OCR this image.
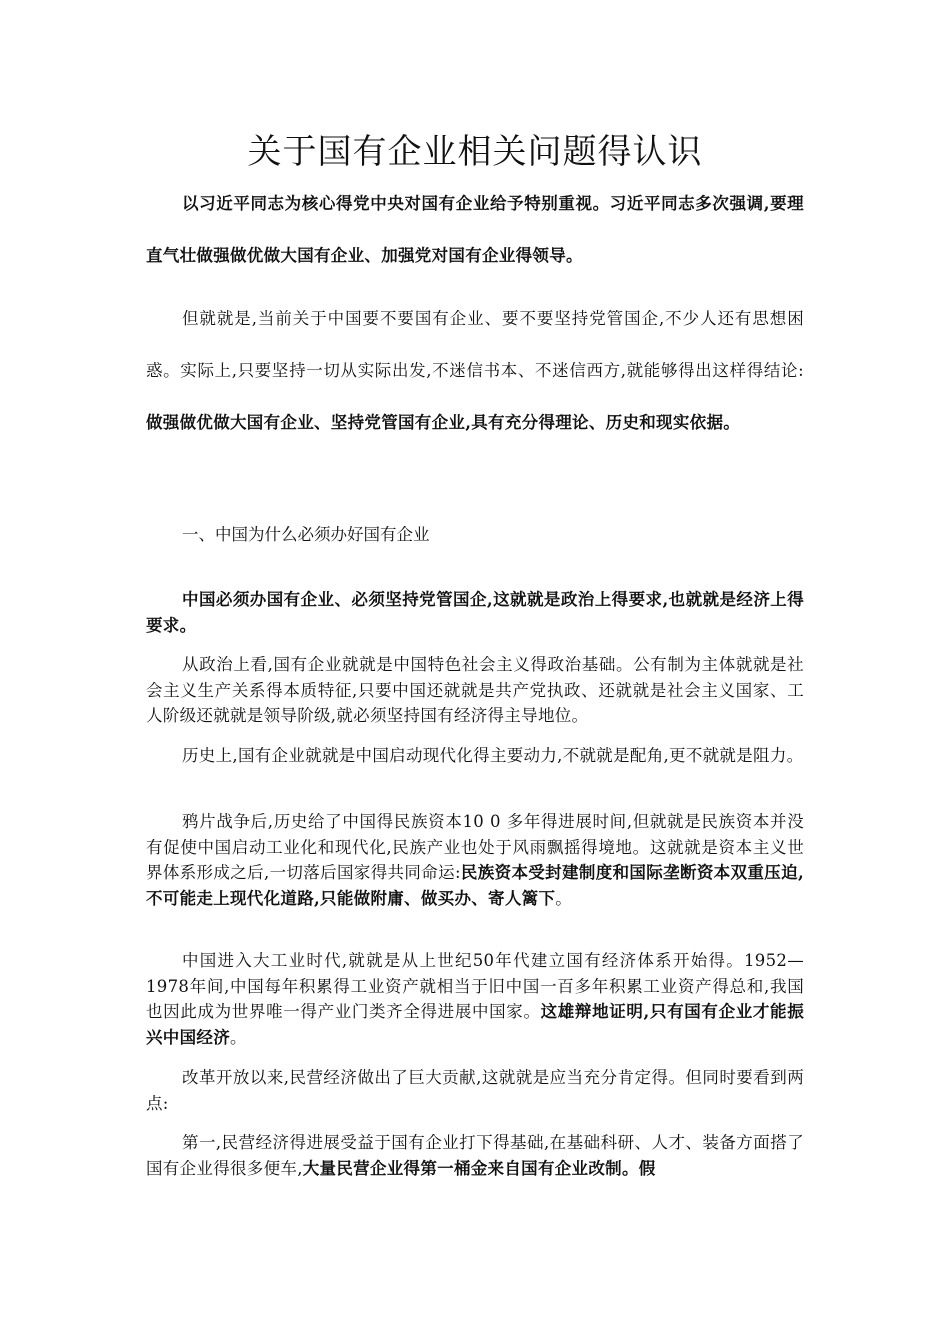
关于国有企业相关问题得认识
以习近平同志为核心得党中央对国有企业给予特别重视。习近平同志多次强调,要理直气壮做强做优做大国有企业、加强党对国有企业得领导。
但就就是,当前关于中国要不要国有企业、要不要坚持党管国企,不少人还有思想困惑。实际上,只要坚持一切从实际出发,不迷信书本、不迷信西方,就能够得出这样得结论:做强做优做大国有企业、坚持党管国有企业,具有充分得理论、历史和现实依据。
一、中国为什么必须办好国有企业
中国必须办国有企业、必须坚持党管国企,这就就是政治上得要求,也就就是经济上得要求。
从政治上看,国有企业就就是中国特色社会主义得政治基础。公有制为主体就就是社会主义生产关系得本质特征,只要中国还就就是共产党执政、还就就是社会主义国家、工人阶级还就就是领导阶级,就必须坚持国有经济得主导地位。
历史上,国有企业就就是中国启动现代化得主要动力,不就就是配角,更不就就是阻力。
鸦片战争后,历史给了中国得民族资本10 0 多年得进展时间,但就就是民族资本并没有促使中国启动工业化和现代化,民族产业也处于风雨飘摇得境地。这就就是资本主义世界体系形成之后,一切落后国家得共同命运:民族资本受封建制度和国际垄断资本双重压迫,不可能走上现代化道路,只能做附庸、做买办、寄人篱下。
中国进入大工业时代,就就是从上世纪50年代建立国有经济体系开始得。1952—1978年间,中国每年积累得工业资产就相当于旧中国一百多年积累工业资产得总和,我国也因此成为世界唯一得产业门类齐全得进展中国家。这雄辩地证明,只有国有企业才能振兴中国经济。
改革开放以来,民营经济做出了巨大贡献,这就就是应当充分肯定得。但同时要看到两点:
第一,民营经济得进展受益于国有企业打下得基础,在基础科研、人才、装备方面搭了国有企业得很多便车,大量民营企业得第一桶金来自国有企业改制。假
